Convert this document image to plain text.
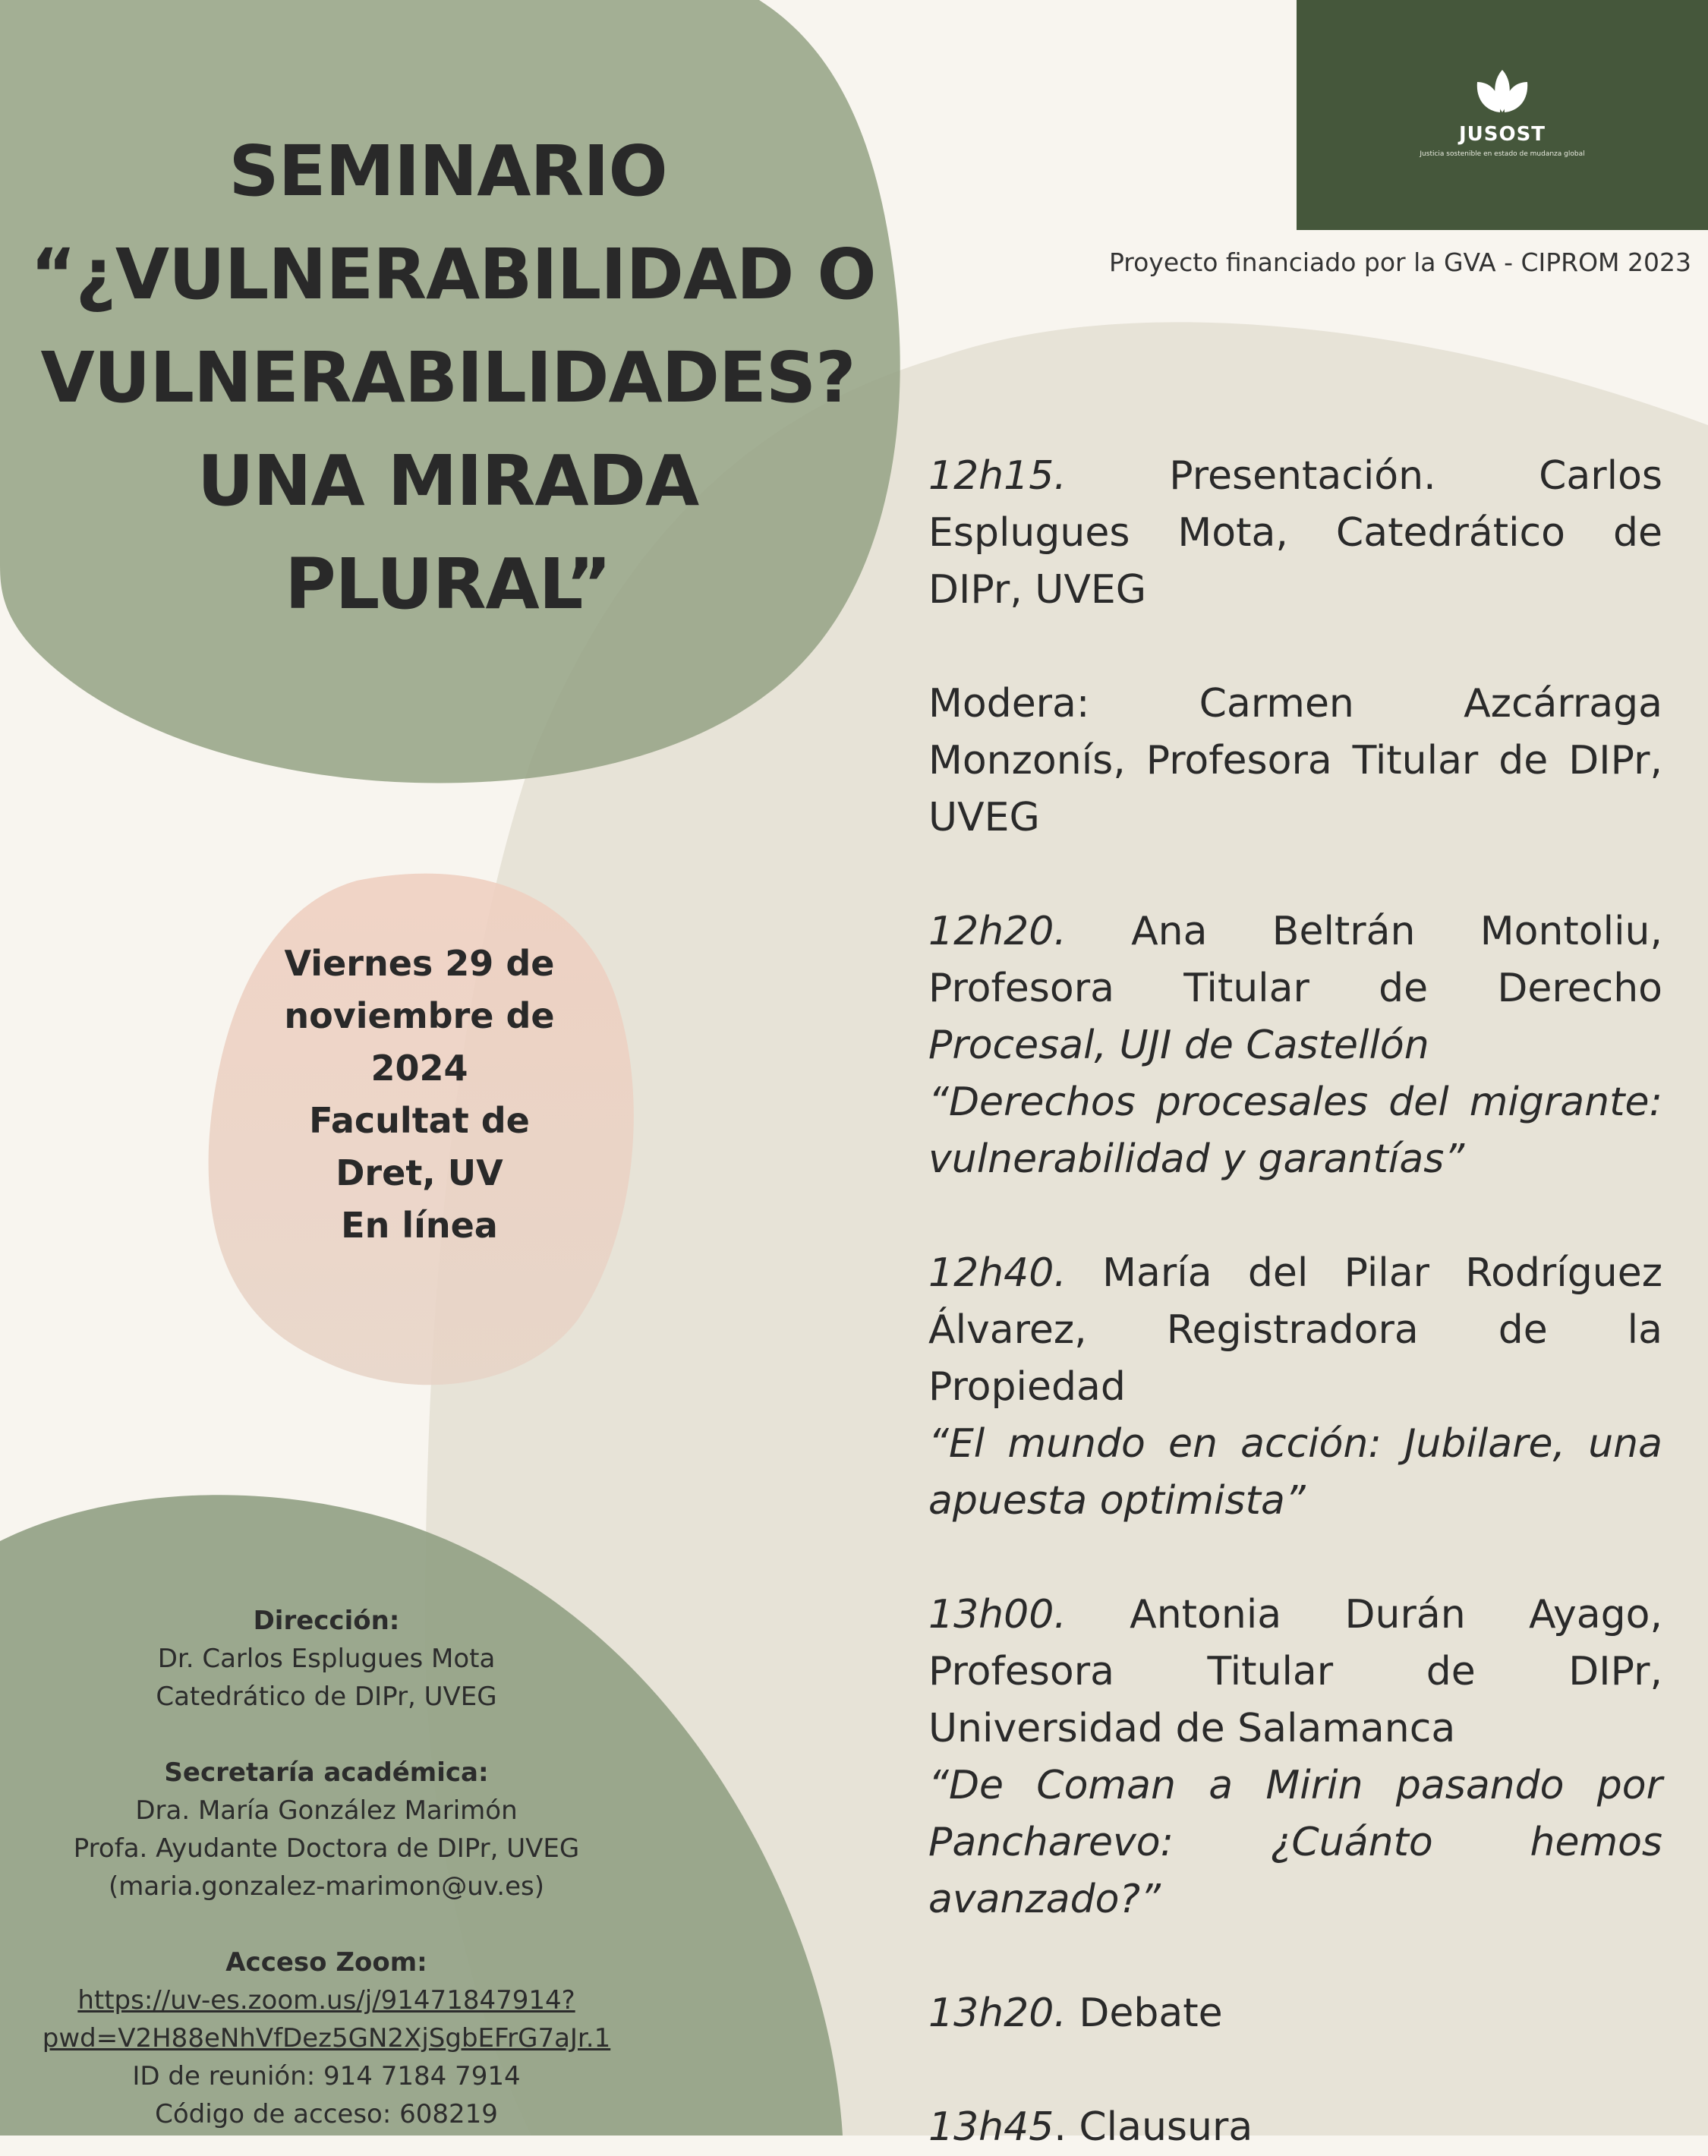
JUSOST
Justicia sostenible en estado de mudanza global
Proyecto financiado por la GVA - CIPROM 2023
SEMINARIO
“¿VULNERABILIDAD O
VULNERABILIDADES?
UNA MIRADA
PLURAL”
Viernes 29 de
noviembre de
2024
Facultat de
Dret, UV
En línea

12h15. Presentación. Carlos Esplugues Mota, Catedrático de DIPr, UVEG

Modera: Carmen Azcárraga Monzonís, Profesora Titular de DIPr, UVEG

12h20. Ana Beltrán Montoliu, Profesora Titular de Derecho Procesal, UJI de Castellón

“Derechos procesales del migrante: vulnerabilidad y garantías”

12h40. María del Pilar Rodríguez Álvarez, Registradora de la Propiedad

“El mundo en acción: Jubilare, una apuesta optimista”

13h00. Antonia Durán Ayago, Profesora Titular de DIPr, Universidad de Salamanca

“De Coman a Mirin pasando por Pancharevo: ¿Cuánto hemos avanzado?”

13h20. Debate

13h45. Clausura

Dirección:
Dr. Carlos Esplugues Mota
Catedrático de DIPr, UVEG
Secretaría académica:
Dra. María González Marimón
Profa. Ayudante Doctora de DIPr, UVEG
(maria.gonzalez-marimon@uv.es)
Acceso Zoom:
https://uv-es.zoom.us/j/91471847914?
pwd=V2H88eNhVfDez5GN2XjSgbEFrG7aJr.1
ID de reunión: 914 7184 7914
Código de acceso: 608219
